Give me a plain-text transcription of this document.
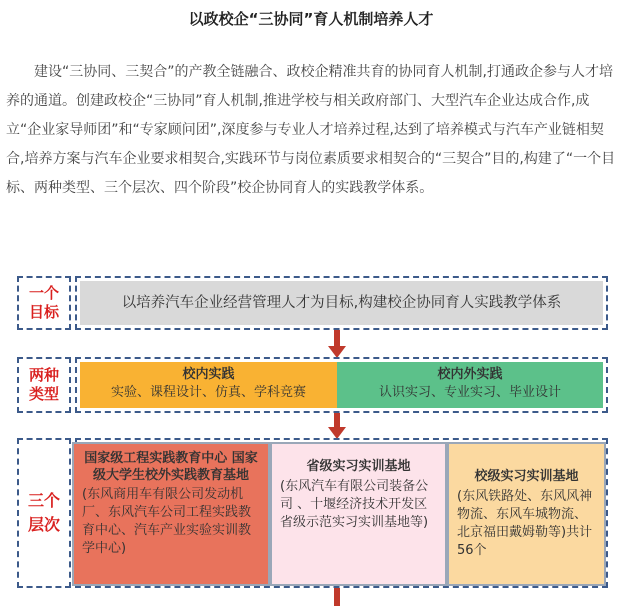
以政校企“三协同”育人机制培养人才

建设“三协同、三契合”的产教全链融合、政校企精准共育的协同育人机制,打通政企参与人才培养的通道。创建政校企“三协同”育人机制,推进学校与相关政府部门、大型汽车企业达成合作,成立“企业家导师团”和“专家顾问团”,深度参与专业人才培养过程,达到了培养模式与汽车产业链相契合,培养方案与汽车企业要求相契合,实践环节与岗位素质要求相契合的“三契合”目的,构建了“一个目标、两种类型、三个层次、四个阶段”校企协同育人的实践教学体系。

一个目标	以培养汽车企业经营管理人才为目标,构建校企协同育人实践教学体系
两种类型
校内实践
实验、课程设计、仿真、学科竞赛
校内外实践
认识实习、专业实习、毕业设计
三个层次
国家级工程实践教育中心 国家级大学生校外实践教育基地
(东风商用车有限公司发动机厂、东风汽车公司工程实践教育中心、汽车产业实验实训教学中心)
省级实习实训基地
(东风汽车有限公司装备公司 、十堰经济技术开发区省级示范实习实训基地等)
校级实习实训基地
(东风铁路处、东风风神物流、东风车城物流、北京福田戴姆勒等)共计56个
